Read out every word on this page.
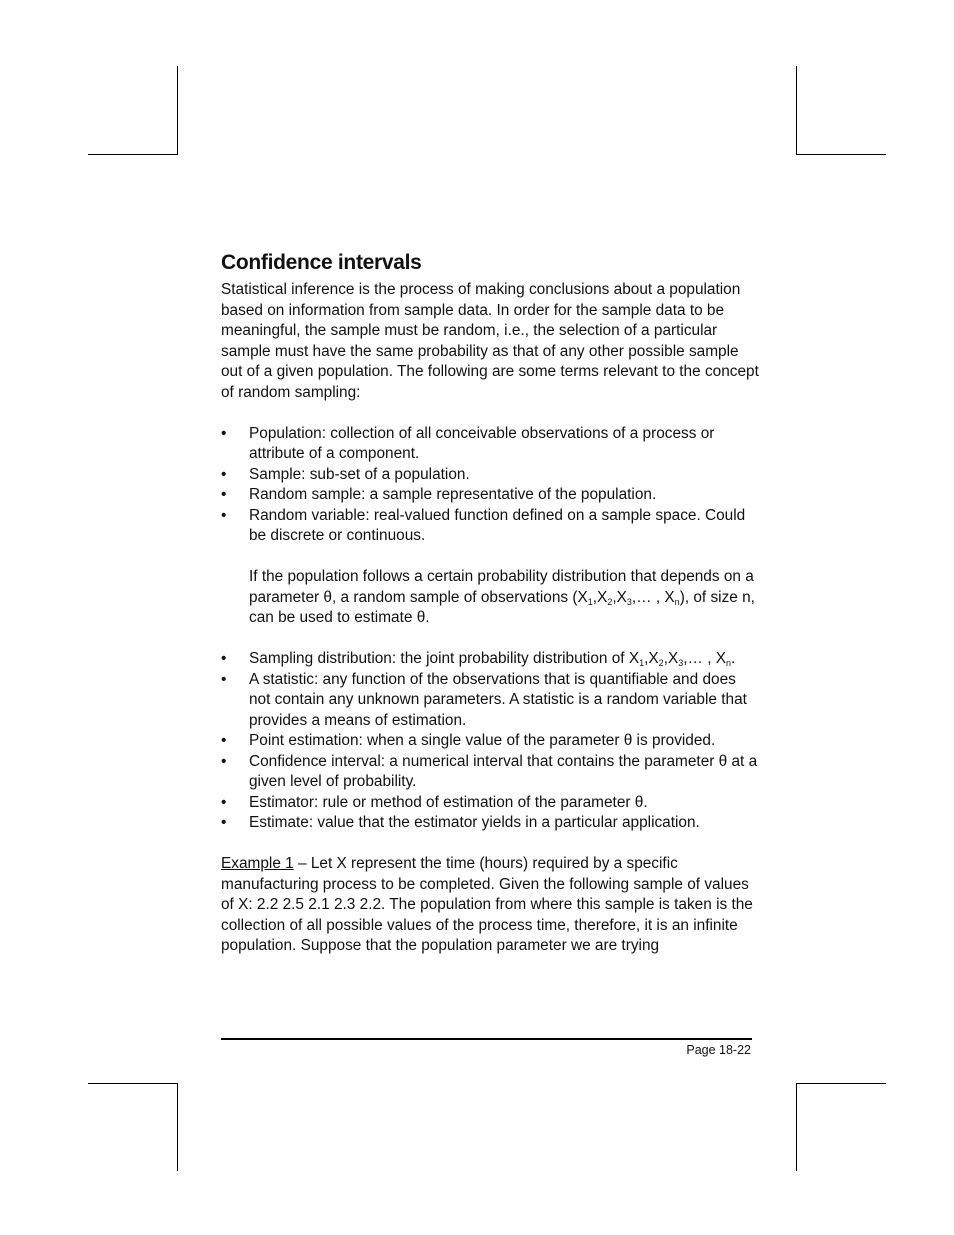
Confidence intervals

Statistical inference is the process of making conclusions about a population based on information from sample data. In order for the sample data to be meaningful, the sample must be random, i.e., the selection of a particular sample must have the same probability as that of any other possible sample out of a given population. The following are some terms relevant to the concept of random sampling:

• Population: collection of all conceivable observations of a process or attribute of a component.
• Sample: sub-set of a population.
• Random sample: a sample representative of the population.
• Random variable: real-valued function defined on a sample space. Could be discrete or continuous.

If the population follows a certain probability distribution that depends on a parameter θ, a random sample of observations ($X_1,X_2,X_3,\dots$ , $X_n$), of size n, can be used to estimate θ.

• Sampling distribution: the joint probability distribution of $X_1,X_2,X_3,\dots$ , $X_n$.
• A statistic: any function of the observations that is quantifiable and does not contain any unknown parameters. A statistic is a random variable that provides a means of estimation.
• Point estimation: when a single value of the parameter θ is provided.
• Confidence interval: a numerical interval that contains the parameter θ at a given level of probability.
• Estimator: rule or method of estimation of the parameter θ.
• Estimate: value that the estimator yields in a particular application.

Example 1 – Let X represent the time (hours) required by a specific manufacturing process to be completed. Given the following sample of values of X: 2.2 2.5 2.1 2.3 2.2. The population from where this sample is taken is the collection of all possible values of the process time, therefore, it is an infinite population. Suppose that the population parameter we are trying

Page 18-22
